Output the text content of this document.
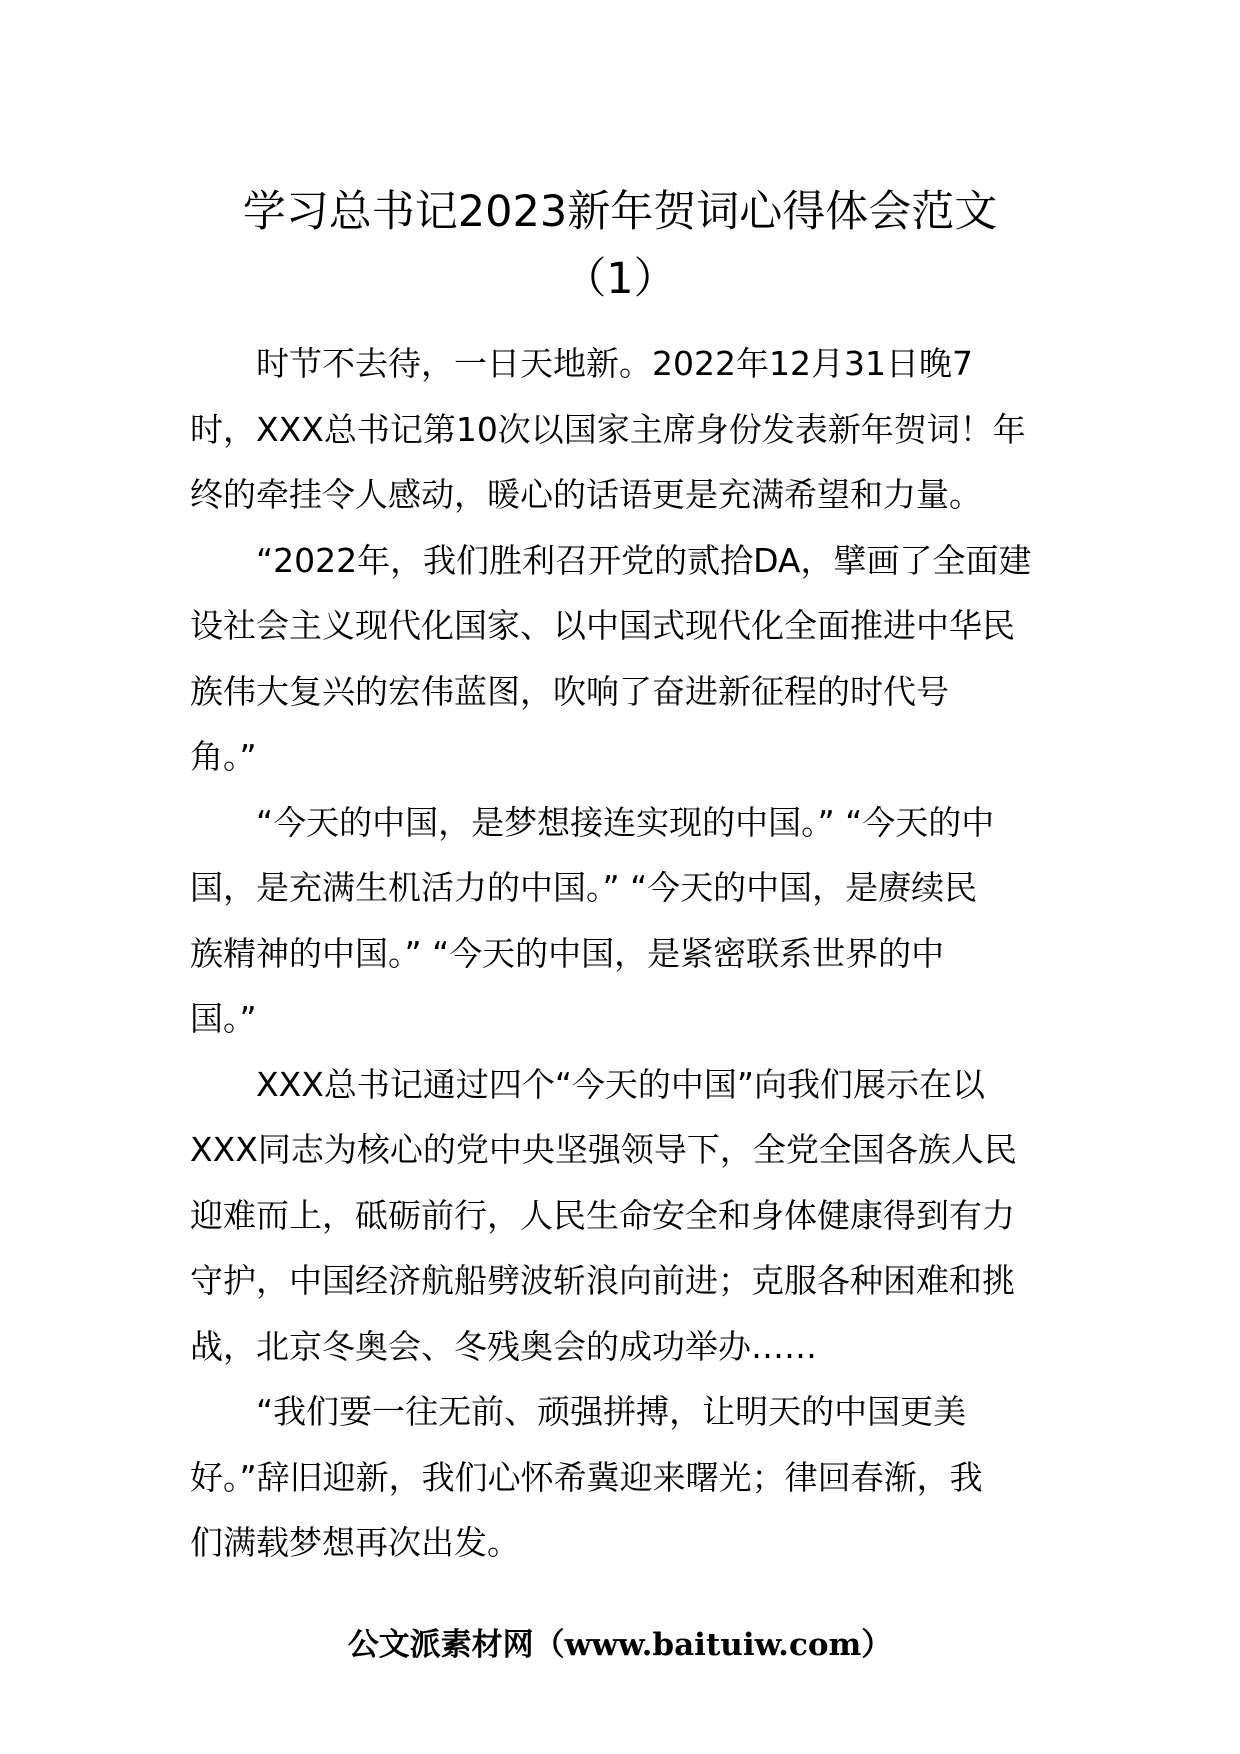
学习总书记2023新年贺词心得体会范文
（1）
时节不去待，一日天地新。2022年12月31日晚7
时，XXX总书记第10次以国家主席身份发表新年贺词！年
终的牵挂令人感动，暖心的话语更是充满希望和力量。
“2022年，我们胜利召开党的贰拾DA，擘画了全面建
设社会主义现代化国家、以中国式现代化全面推进中华民
族伟大复兴的宏伟蓝图，吹响了奋进新征程的时代号
角。”
“今天的中国，是梦想接连实现的中国。” “今天的中
国，是充满生机活力的中国。” “今天的中国，是赓续民
族精神的中国。” “今天的中国，是紧密联系世界的中
国。”
XXX总书记通过四个“今天的中国”向我们展示在以
XXX同志为核心的党中央坚强领导下，全党全国各族人民
迎难而上，砥砺前行，人民生命安全和身体健康得到有力
守护，中国经济航船劈波斩浪向前进；克服各种困难和挑
战，北京冬奥会、冬残奥会的成功举办……
“我们要一往无前、顽强拼搏，让明天的中国更美
好。”辞旧迎新，我们心怀希冀迎来曙光；律回春渐，我
们满载梦想再次出发。
公文派素材网（www.baituiw.com）
